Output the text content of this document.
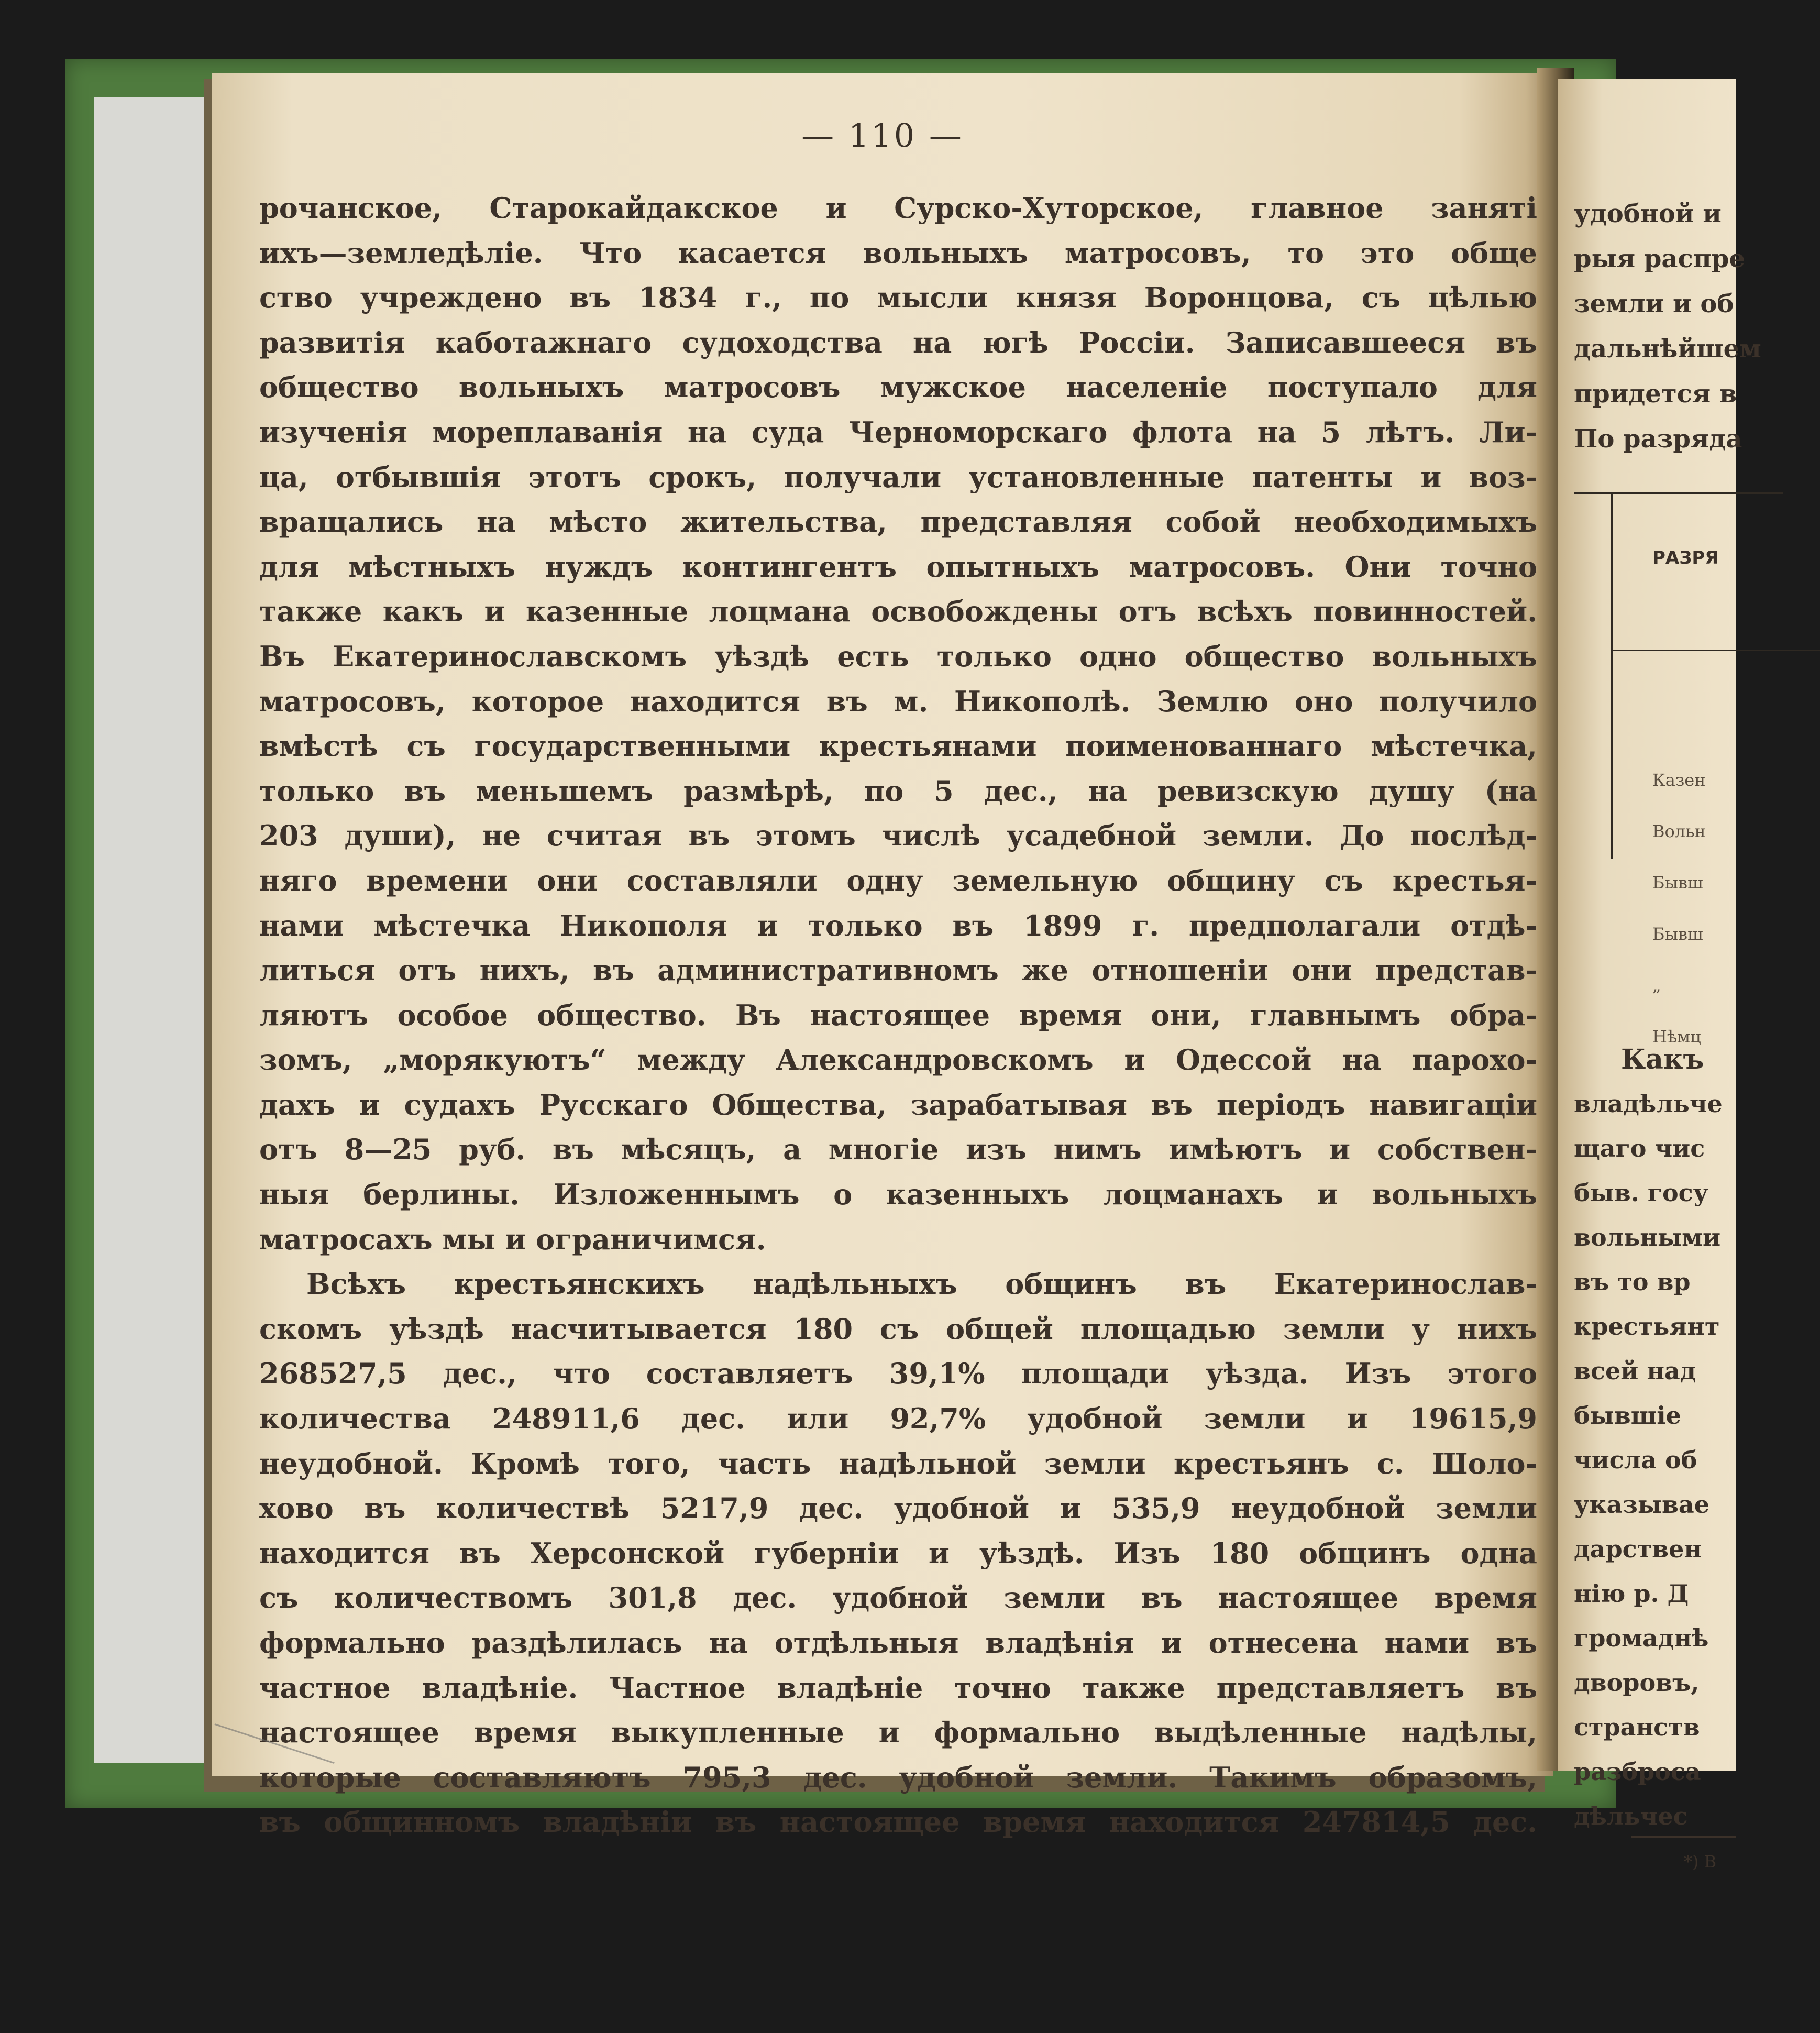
— 110 —
рочанское, Старокайдакское и Сурско-Хуторское, главное заняті
ихъ—земледѣліе. Что касается вольныхъ матросовъ, то это обще
ство учреждено въ 1834 г., по мысли князя Воронцова, съ цѣлью
развитія каботажнаго судоходства на югѣ Россіи. Записавшееся въ
общество вольныхъ матросовъ мужское населеніе поступало для
изученія мореплаванія на суда Черноморскаго флота на 5 лѣтъ. Ли-
ца, отбывшія этотъ срокъ, получали установленные патенты и воз-
вращались на мѣсто жительства, представляя собой необходимыхъ
для мѣстныхъ нуждъ контингентъ опытныхъ матросовъ. Они точно
также какъ и казенные лоцмана освобождены отъ всѣхъ повинностей.
Въ Екатеринославскомъ уѣздѣ есть только одно общество вольныхъ
матросовъ, которое находится въ м. Никополѣ. Землю оно получило
вмѣстѣ съ государственными крестьянами поименованнаго мѣстечка,
только въ меньшемъ размѣрѣ, по 5 дес., на ревизскую душу (на
203 души), не считая въ этомъ числѣ усадебной земли. До послѣд-
няго времени они составляли одну земельную общину съ крестья-
нами мѣстечка Никополя и только въ 1899 г. предполагали отдѣ-
литься отъ нихъ, въ административномъ же отношеніи они представ-
ляютъ особое общество. Въ настоящее время они, главнымъ обра-
зомъ, „морякуютъ“ между Александровскомъ и Одессой на парохо-
дахъ и судахъ Русскаго Общества, зарабатывая въ періодъ навигаціи
отъ 8—25 руб. въ мѣсяцъ, а многіе изъ нимъ имѣютъ и собствен-
ныя берлины. Изложеннымъ о казенныхъ лоцманахъ и вольныхъ
матросахъ мы и ограничимся.
Всѣхъ крестьянскихъ надѣльныхъ общинъ въ Екатеринослав-
скомъ уѣздѣ насчитывается 180 съ общей площадью земли у нихъ
268527,5 дес., что составляетъ 39,1% площади уѣзда. Изъ этого
количества 248911,6 дес. или 92,7% удобной земли и 19615,9
неудобной. Кромѣ того, часть надѣльной земли крестьянъ с. Шоло-
хово въ количествѣ 5217,9 дес. удобной и 535,9 неудобной земли
находится въ Херсонской губерніи и уѣздѣ. Изъ 180 общинъ одна
съ количествомъ 301,8 дес. удобной земли въ настоящее время
формально раздѣлилась на отдѣльныя владѣнія и отнесена нами въ
частное владѣніе. Частное владѣніе точно также представляетъ въ
настоящее время выкупленные и формально выдѣленные надѣлы,
которые составляютъ 795,3 дес. удобной земли. Такимъ образомъ,
въ общинномъ владѣніи въ настоящее время находится 247814,5 дес.
удобной и
рыя распре
земли и об
дальнѣйшем
придется в
По разряда
РАЗРЯ
Казен
Вольн
Бывш
Бывш
„
Нѣмц
Какъ
владѣльче
щаго чис
быв. госу
вольными
въ то вр
крестьянт
всей над
бывшіе
числа об
указывае
дарствен
нію р. Д
громаднѣ
дворовъ,
странств
разброса
дѣльчес
*) В
